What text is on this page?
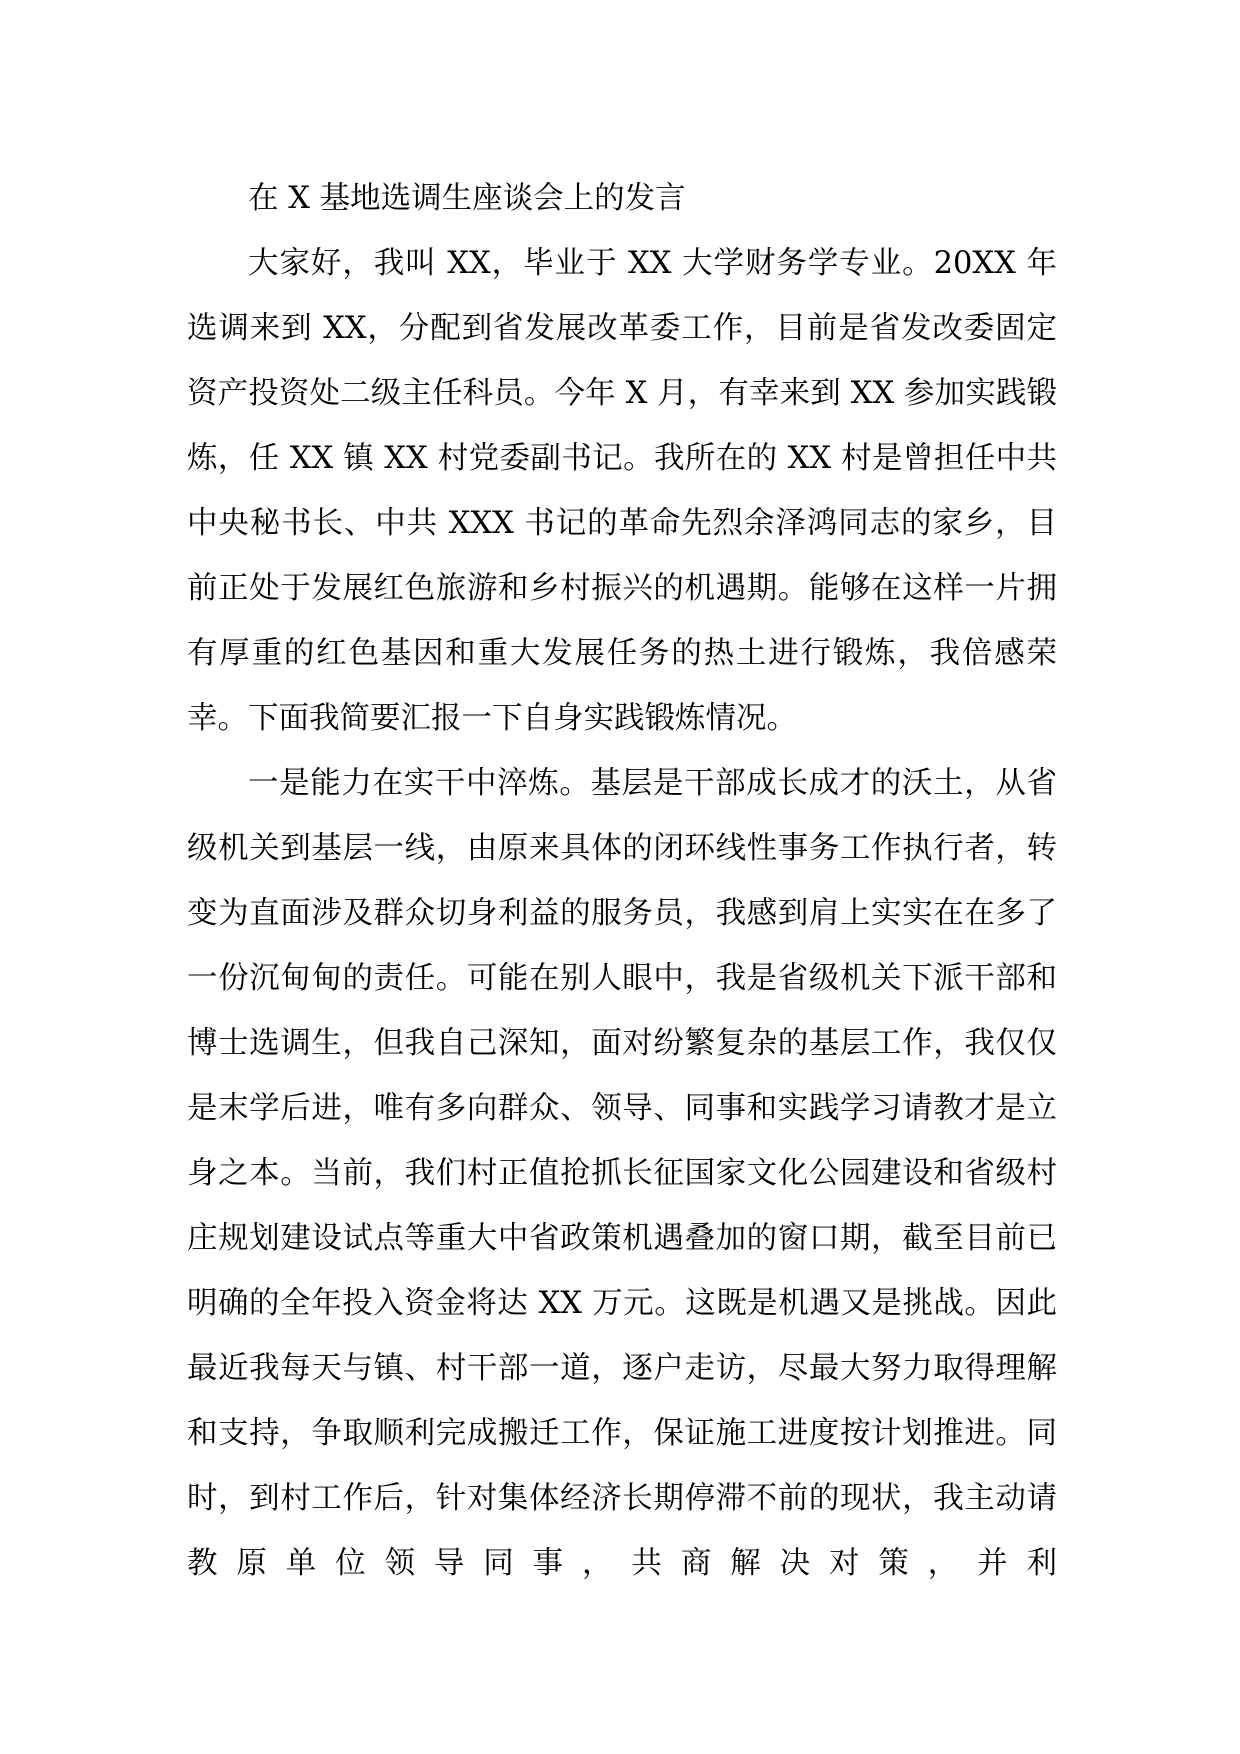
在 X 基地选调生座谈会上的发言

大家好，我叫 XX，毕业于 XX 大学财务学专业。20XX 年选调来到 XX，分配到省发展改革委工作，目前是省发改委固定资产投资处二级主任科员。今年 X 月，有幸来到 XX 参加实践锻炼，任 XX 镇 XX 村党委副书记。我所在的 XX 村是曾担任中共中央秘书长、中共 XXX 书记的革命先烈余泽鸿同志的家乡，目前正处于发展红色旅游和乡村振兴的机遇期。能够在这样一片拥有厚重的红色基因和重大发展任务的热土进行锻炼，我倍感荣幸。下面我简要汇报一下自身实践锻炼情况。

一是能力在实干中淬炼。基层是干部成长成才的沃土，从省级机关到基层一线，由原来具体的闭环线性事务工作执行者，转变为直面涉及群众切身利益的服务员，我感到肩上实实在在多了一份沉甸甸的责任。可能在别人眼中，我是省级机关下派干部和博士选调生，但我自己深知，面对纷繁复杂的基层工作，我仅仅是末学后进，唯有多向群众、领导、同事和实践学习请教才是立身之本。当前，我们村正值抢抓长征国家文化公园建设和省级村庄规划建设试点等重大中省政策机遇叠加的窗口期，截至目前已明确的全年投入资金将达 XX 万元。这既是机遇又是挑战。因此最近我每天与镇、村干部一道，逐户走访，尽最大努力取得理解和支持，争取顺利完成搬迁工作，保证施工进度按计划推进。同时，到村工作后，针对集体经济长期停滞不前的现状，我主动请教原单位领导同事，共商解决对策，并利
